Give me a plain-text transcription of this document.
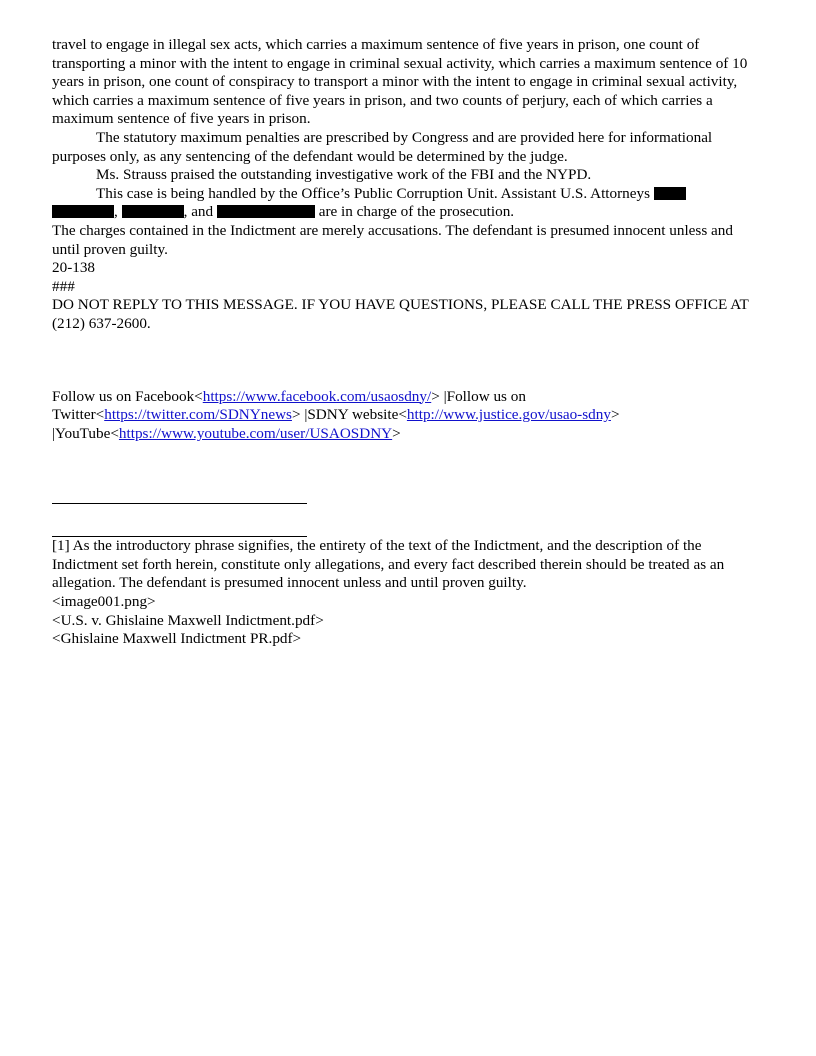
travel to engage in illegal sex acts, which carries a maximum sentence of five years in prison, one count of transporting a minor with the intent to engage in criminal sexual activity, which carries a maximum sentence of 10 years in prison, one count of conspiracy to transport a minor with the intent to engage in criminal sexual activity, which carries a maximum sentence of five years in prison, and two counts of perjury, each of which carries a maximum sentence of five years in prison.

The statutory maximum penalties are prescribed by Congress and are provided here for informational purposes only, as any sentencing of the defendant would be determined by the judge.

Ms. Strauss praised the outstanding investigative work of the FBI and the NYPD.

This case is being handled by the Office’s Public Corruption Unit. Assistant U.S. Attorneys
,	, and	are in charge of the prosecution.

The charges contained in the Indictment are merely accusations. The defendant is presumed innocent unless and until proven guilty.

20-138

###

DO NOT REPLY TO THIS MESSAGE. IF YOU HAVE QUESTIONS, PLEASE CALL THE PRESS OFFICE AT (212) 637-2600.

Follow us on Facebook<https://www.facebook.com/usaosdny/> |Follow us on
Twitter<https://twitter.com/SDNYnews> |SDNY website<http://www.justice.gov/usao-sdny>
|YouTube<https://www.youtube.com/user/USAOSDNY>

[1] As the introductory phrase signifies, the entirety of the text of the Indictment, and the description of the Indictment set forth herein, constitute only allegations, and every fact described therein should be treated as an allegation. The defendant is presumed innocent unless and until proven guilty.

<image001.png>
<U.S. v. Ghislaine Maxwell Indictment.pdf>
<Ghislaine Maxwell Indictment PR.pdf>
